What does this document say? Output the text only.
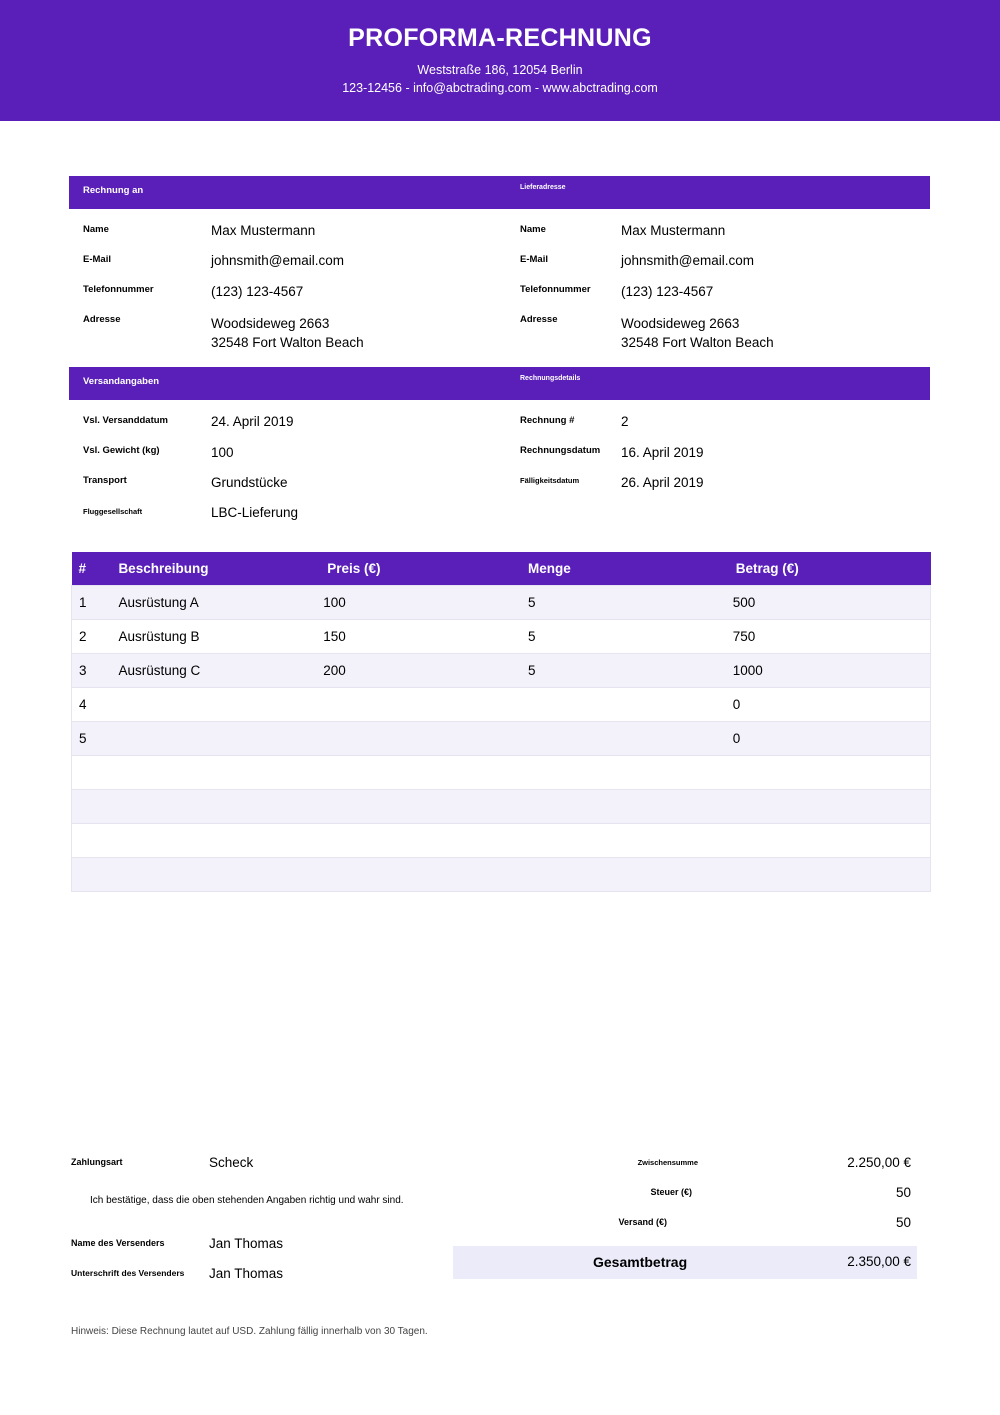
PROFORMA-RECHNUNG
Weststraße 186, 12054 Berlin
123-12456 - info@abctrading.com - www.abctrading.com
Rechnung an	Lieferadresse
Name	Max Mustermann
E-Mail	johnsmith@email.com
Telefonnummer	(123) 123-4567
Adresse	Woodsideweg 2663
32548 Fort Walton Beach
Name	Max Mustermann
E-Mail	johnsmith@email.com
Telefonnummer (123) 123-4567
Adresse	Woodsideweg 2663
32548 Fort Walton Beach
Versandangaben	Rechnungsdetails
Vsl. Versanddatum	24. April 2019
Vsl. Gewicht (kg)	100
Transport	Grundstücke
Fluggesellschaft	LBC-Lieferung
Rechnung #	2
Rechnungsdatum 16. April 2019
Fälligkeitsdatum	26. April 2019
#	Beschreibung	Preis (€)	Menge	Betrag (€)
1	Ausrüstung A	100	5	500
2	Ausrüstung B	150	5	750
3	Ausrüstung C	200	5	1000
4				0
5				0

Zahlungsart	Scheck
Ich bestätige, dass die oben stehenden Angaben richtig und wahr sind.
Name des Versenders	Jan Thomas
Unterschrift des Versenders Jan Thomas
Zwischensumme	2.250,00 €
Steuer (€)	50
Versand (€)	50
Gesamtbetrag	2.350,00 €
Hinweis: Diese Rechnung lautet auf USD. Zahlung fällig innerhalb von 30 Tagen.
